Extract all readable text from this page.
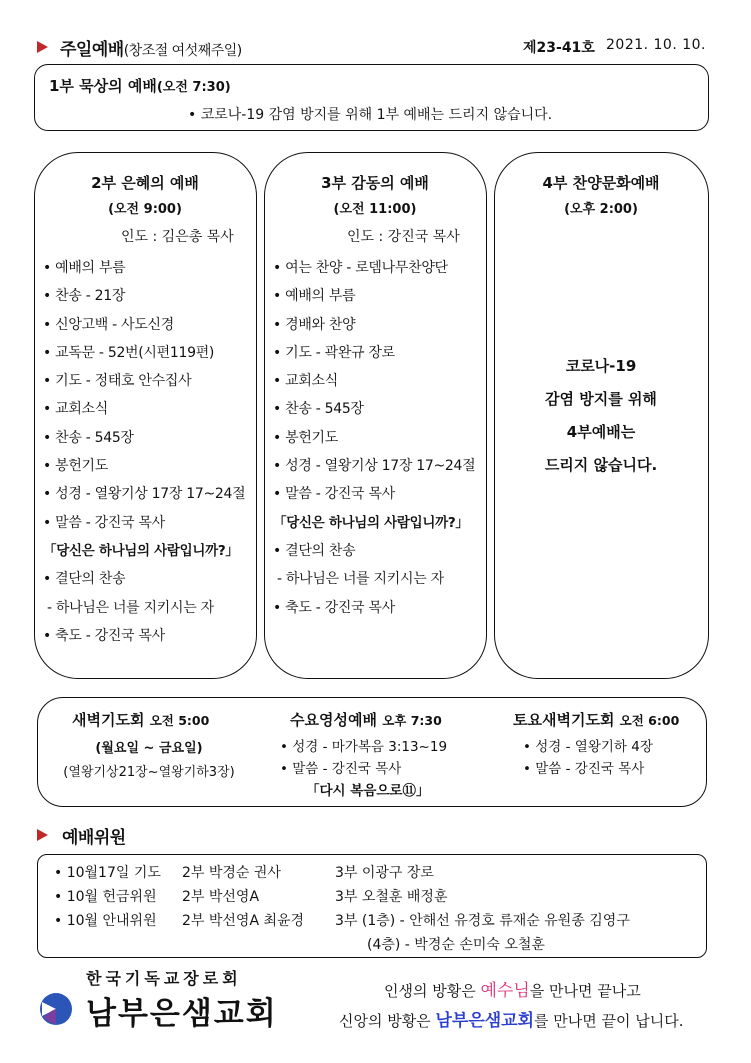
주일예배(창조절 여섯째주일)	제23-41호 2021. 10. 10.
1부 묵상의 예배(오전 7:30)
• 코로나-19 감염 방지를 위해 1부 예배는 드리지 않습니다.
2부 은혜의 예배
(오전 9:00)
인도 : 김은총 목사
• 예배의 부름
• 찬송 - 21장
• 신앙고백 - 사도신경
• 교독문 - 52번(시편119편)
• 기도 - 정태호 안수집사
• 교회소식
• 찬송 - 545장
• 봉헌기도
• 성경 - 열왕기상 17장 17~24절
• 말씀 - 강진국 목사
「당신은 하나님의 사람입니까?」
• 결단의 찬송
- 하나님은 너를 지키시는 자
• 축도 - 강진국 목사
3부 감동의 예배
(오전 11:00)
인도 : 강진국 목사
• 여는 찬양 - 로뎀나무찬양단
• 예배의 부름
• 경배와 찬양
• 기도 - 곽완규 장로
• 교회소식
• 찬송 - 545장
• 봉헌기도
• 성경 - 열왕기상 17장 17~24절
• 말씀 - 강진국 목사
「당신은 하나님의 사람입니까?」
• 결단의 찬송
- 하나님은 너를 지키시는 자
• 축도 - 강진국 목사
4부 찬양문화예배
(오후 2:00)
코로나-19
감염 방지를 위해
4부예배는
드리지 않습니다.
새벽기도회 오전 5:00
(월요일 ~ 금요일)
(열왕기상21장~열왕기하3장)
수요영성예배 오후 7:30
• 성경 - 마가복음 3:13~19
• 말씀 - 강진국 목사
「다시 복음으로⑪」
토요새벽기도회 오전 6:00
• 성경 - 열왕기하 4장
• 말씀 - 강진국 목사
예배위원
• 10월17일 기도 2부 박경순 권사	3부 이광구 장로
• 10월 헌금위원 2부 박선영A	3부 오철훈 배정훈
• 10월 안내위원 2부 박선영A 최윤경 3부 (1층) - 안해선 유경호 류재순 유원종 김영구
(4층) - 박경순 손미숙 오철훈
한국기독교장로회
남부은샘교회
인생의 방황은 예수님을 만나면 끝나고
신앙의 방황은 남부은샘교회를 만나면 끝이 납니다.
